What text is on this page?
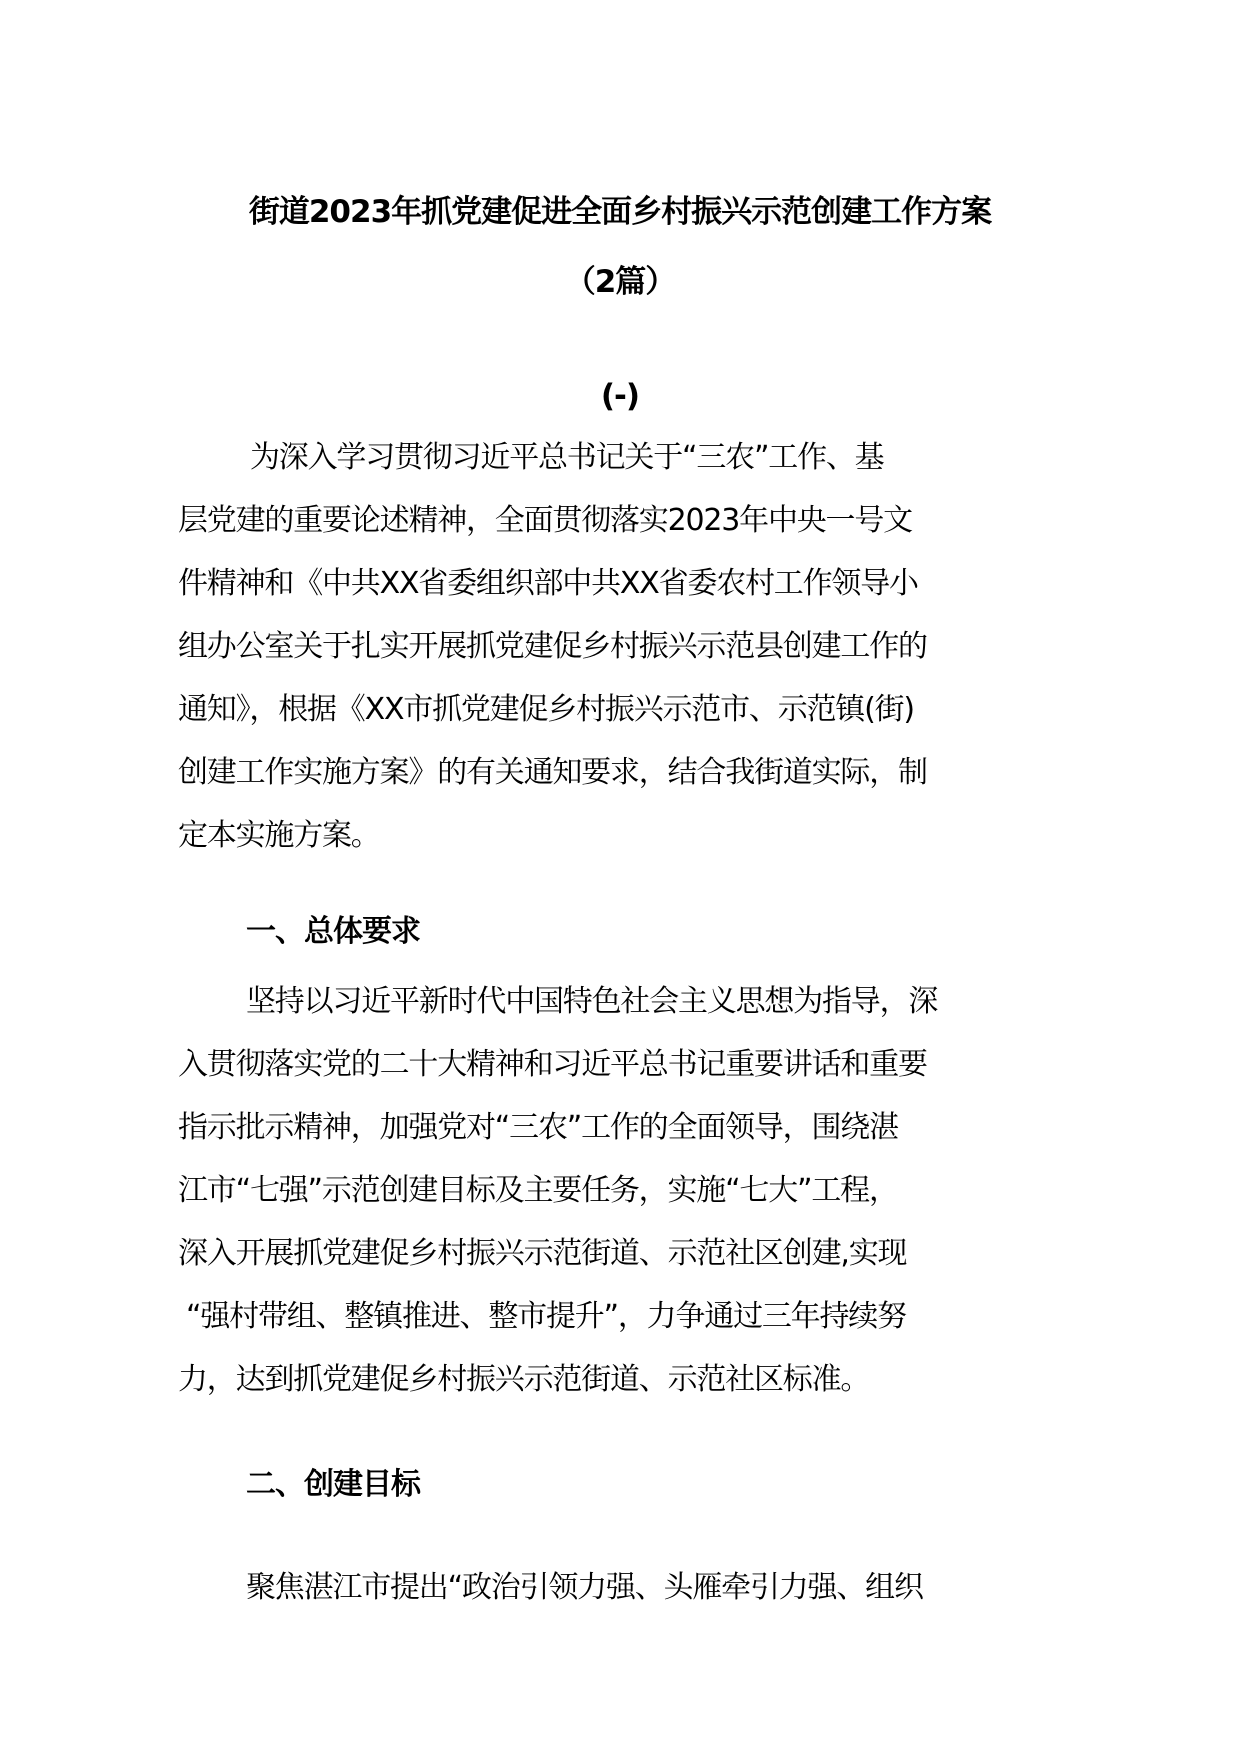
街道2023年抓党建促进全面乡村振兴示范创建工作方案
（2篇）
(-)
为深入学习贯彻习近平总书记关于“三农”工作、基
层党建的重要论述精神，全面贯彻落实2023年中央一号文
件精神和《中共XX省委组织部中共XX省委农村工作领导小
组办公室关于扎实开展抓党建促乡村振兴示范县创建工作的
通知》，根据《XX市抓党建促乡村振兴示范市、示范镇(街)
创建工作实施方案》的有关通知要求，结合我街道实际，制
定本实施方案。
一、总体要求
坚持以习近平新时代中国特色社会主义思想为指导，深
入贯彻落实党的二十大精神和习近平总书记重要讲话和重要
指示批示精神，加强党对“三农”工作的全面领导，围绕湛
江市“七强”示范创建目标及主要任务，实施“七大”工程，
深入开展抓党建促乡村振兴示范街道、示范社区创建,实现
“强村带组、整镇推进、整市提升”，力争通过三年持续努
力，达到抓党建促乡村振兴示范街道、示范社区标准。
二、创建目标
聚焦湛江市提出“政治引领力强、头雁牵引力强、组织
